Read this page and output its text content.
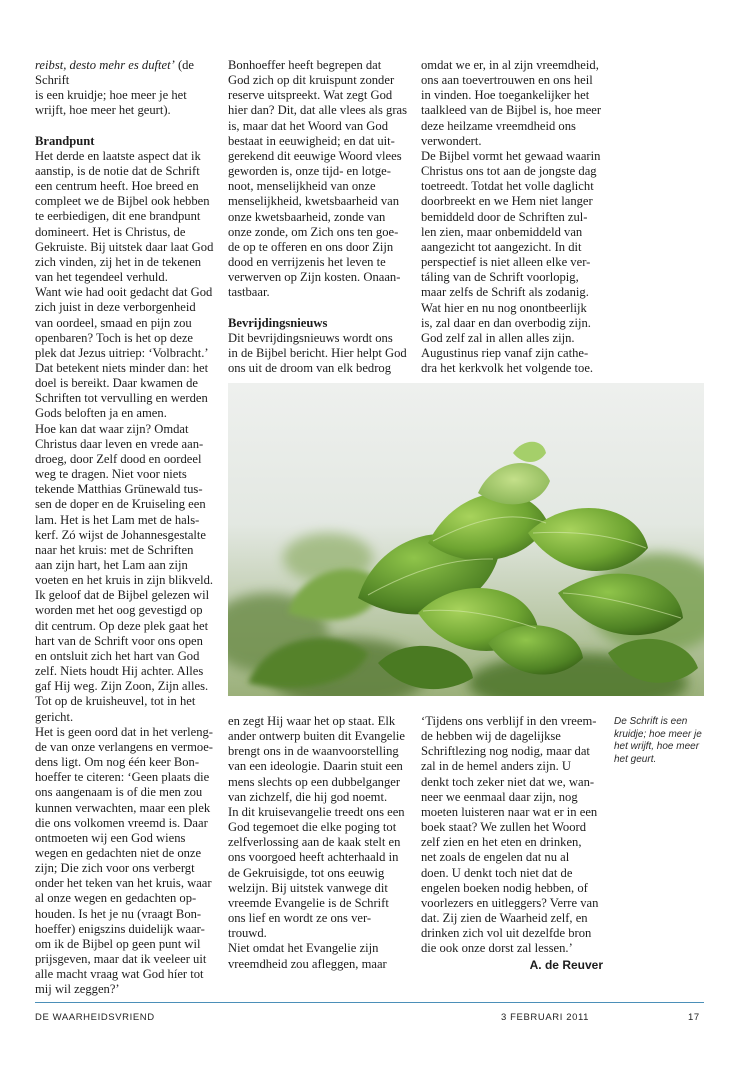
reibst, desto mehr es duftet’ (de Schrift
is een kruidje; hoe meer je het
wrijft, hoe meer het geurt).

Brandpunt

Het derde en laatste aspect dat ik
aanstip, is de notie dat de Schrift
een centrum heeft. Hoe breed en
compleet we de Bijbel ook hebben
te eerbiedigen, dit ene brandpunt
domineert. Het is Christus, de
Gekruiste. Bij uitstek daar laat God
zich vinden, zij het in de tekenen
van het tegendeel verhuld.
Want wie had ooit gedacht dat God
zich juist in deze verborgenheid
van oordeel, smaad en pijn zou
openbaren? Toch is het op deze
plek dat Jezus uitriep: ‘Volbracht.’
Dat betekent niets minder dan: het
doel is bereikt. Daar kwamen de
Schriften tot vervulling en werden
Gods beloften ja en amen.
Hoe kan dat waar zijn? Omdat
Christus daar leven en vrede aan-
droeg, door Zelf dood en oordeel
weg te dragen. Niet voor niets
tekende Matthias Grünewald tus-
sen de doper en de Kruiseling een
lam. Het is het Lam met de hals-
kerf. Zó wijst de Johannesgestalte
naar het kruis: met de Schriften
aan zijn hart, het Lam aan zijn
voeten en het kruis in zijn blikveld.
Ik geloof dat de Bijbel gelezen wil
worden met het oog gevestigd op
dit centrum. Op deze plek gaat het
hart van de Schrift voor ons open
en ontsluit zich het hart van God
zelf. Niets houdt Hij achter. Alles
gaf Hij weg. Zijn Zoon, Zijn alles.
Tot op de kruisheuvel, tot in het
gericht.
Het is geen oord dat in het verleng-
de van onze verlangens en vermoe-
dens ligt. Om nog één keer Bon-
hoeffer te citeren: ‘Geen plaats die
ons aangenaam is of die men zou
kunnen verwachten, maar een plek
die ons volkomen vreemd is. Daar
ontmoeten wij een God wiens
wegen en gedachten niet de onze
zijn; Die zich voor ons verbergt
onder het teken van het kruis, waar
al onze wegen en gedachten op-
houden. Is het je nu (vraagt Bon-
hoeffer) enigszins duidelijk waar-
om ik de Bijbel op geen punt wil
prijsgeven, maar dat ik veeleer uit
alle macht vraag wat God híer tot
mij wil zeggen?’

Bonhoeffer heeft begrepen dat
God zich op dit kruispunt zonder
reserve uitspreekt. Wat zegt God
hier dan? Dit, dat alle vlees als gras
is, maar dat het Woord van God
bestaat in eeuwigheid; en dat uit-
gerekend dit eeuwige Woord vlees
geworden is, onze tijd- en lotge-
noot, menselijkheid van onze
menselijkheid, kwetsbaarheid van
onze kwetsbaarheid, zonde van
onze zonde, om Zich ons ten goe-
de op te offeren en ons door Zijn
dood en verrijzenis het leven te
verwerven op Zijn kosten. Onaan-
tastbaar.

Bevrijdingsnieuws

Dit bevrijdingsnieuws wordt ons
in de Bijbel bericht. Hier helpt God
ons uit de droom van elk bedrog

omdat we er, in al zijn vreemdheid,
ons aan toevertrouwen en ons heil
in vinden. Hoe toegankelijker het
taalkleed van de Bijbel is, hoe meer
deze heilzame vreemdheid ons
verwondert.
De Bijbel vormt het gewaad waarin
Christus ons tot aan de jongste dag
toetreedt. Totdat het volle daglicht
doorbreekt en we Hem niet langer
bemiddeld door de Schriften zul-
len zien, maar onbemiddeld van
aangezicht tot aangezicht. In dit
perspectief is niet alleen elke ver-
táling van de Schrift voorlopig,
maar zelfs de Schrift als zodanig.
Wat hier en nu nog onontbeerlijk
is, zal daar en dan overbodig zijn.
God zelf zal in allen alles zijn.
Augustinus riep vanaf zijn cathe-
dra het kerkvolk het volgende toe.

en zegt Hij waar het op staat. Elk
ander ontwerp buiten dit Evangelie
brengt ons in de waanvoorstelling
van een ideologie. Daarin stuit een
mens slechts op een dubbelganger
van zichzelf, die hij god noemt.
In dit kruisevangelie treedt ons een
God tegemoet die elke poging tot
zelfverlossing aan de kaak stelt en
ons voorgoed heeft achterhaald in
de Gekruisigde, tot ons eeuwig
welzijn. Bij uitstek vanwege dit
vreemde Evangelie is de Schrift
ons lief en wordt ze ons ver-
trouwd.
Niet omdat het Evangelie zijn
vreemdheid zou afleggen, maar

‘Tijdens ons verblijf in den vreem-
de hebben wij de dagelijkse
Schriftlezing nog nodig, maar dat
zal in de hemel anders zijn. U
denkt toch zeker niet dat we, wan-
neer we eenmaal daar zijn, nog
moeten luisteren naar wat er in een
boek staat? We zullen het Woord
zelf zien en het eten en drinken,
net zoals de engelen dat nu al
doen. U denkt toch niet dat de
engelen boeken nodig hebben, of
voorlezers en uitleggers? Verre van
dat. Zij zien de Waarheid zelf, en
drinken zich vol uit dezelfde bron
die ook onze dorst zal lessen.’

A. de Reuver
De Schrift is een
kruidje; hoe meer je
het wrijft, hoe meer
het geurt.
DE WAARHEIDSVRIEND	3 FEBRUARI 2011	17
